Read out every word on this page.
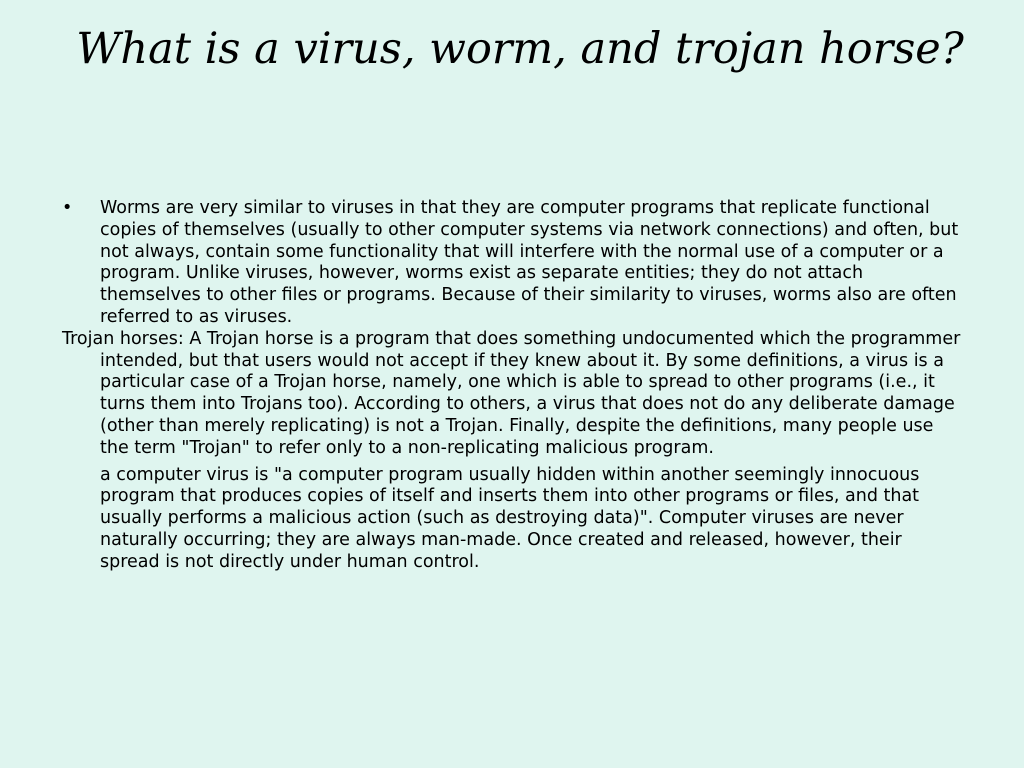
What is a virus, worm, and trojan horse?

•	Worms are very similar to viruses in that they are computer programs that replicate functional copies of themselves (usually to other computer systems via network connections) and often, but not always, contain some functionality that will interfere with the normal use of a computer or a program. Unlike viruses, however, worms exist as separate entities; they do not attach themselves to other files or programs. Because of their similarity to viruses, worms also are often referred to as viruses.

Trojan horses: A Trojan horse is a program that does something undocumented which the programmer intended, but that users would not accept if they knew about it. By some definitions, a virus is a particular case of a Trojan horse, namely, one which is able to spread to other programs (i.e., it turns them into Trojans too). According to others, a virus that does not do any deliberate damage (other than merely replicating) is not a Trojan. Finally, despite the definitions, many people use the term "Trojan" to refer only to a non-replicating malicious program.

a computer virus is "a computer program usually hidden within another seemingly innocuous program that produces copies of itself and inserts them into other programs or files, and that usually performs a malicious action (such as destroying data)". Computer viruses are never naturally occurring; they are always man-made. Once created and released, however, their spread is not directly under human control.
